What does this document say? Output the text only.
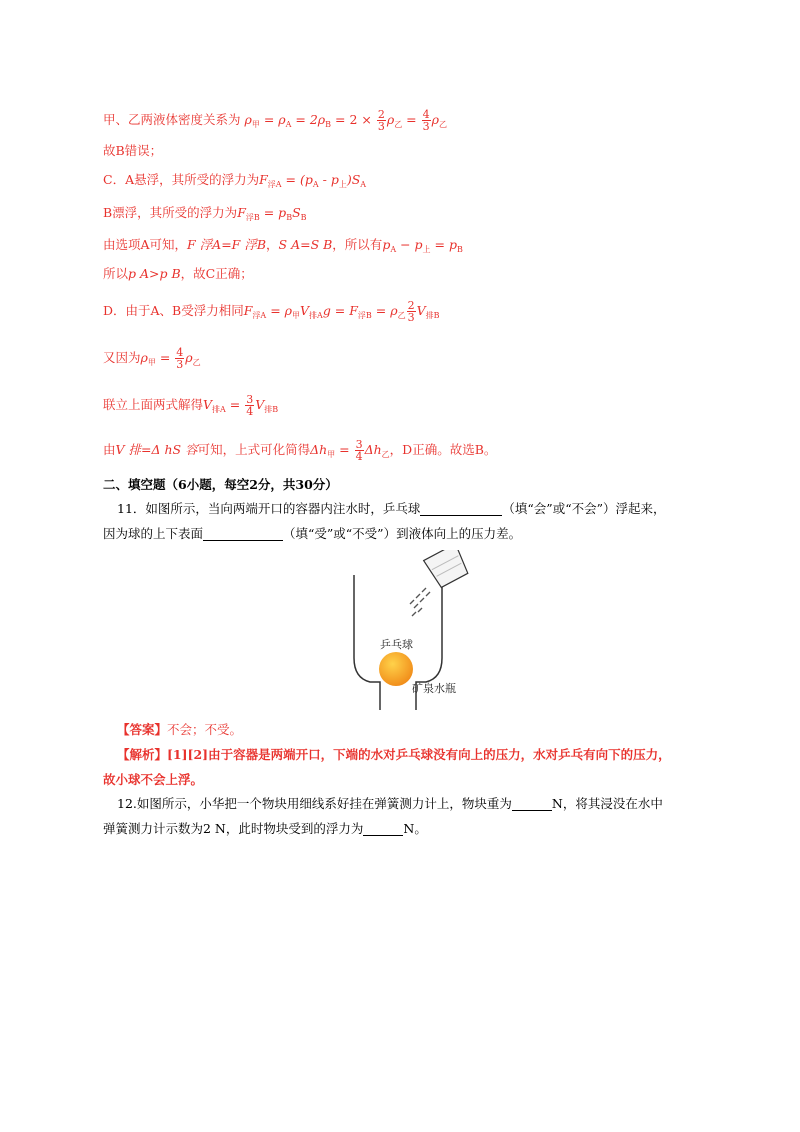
甲、乙两液体密度关系为 $\rho_甲 = \rho_A = 2\rho_B = 2 \times \frac{2}{3} \rho_乙 = \frac{4}{3} \rho_乙$
故B错误；
C．A悬浮，其所受的浮力为$F_{浮A} = (p_A - p_上)S_A$
B漂浮，其所受的浮力为$F_{浮B} = p_BS_B$
由选项A可知，F 浮A=F 浮B，S A=S B，所以有$p_A - p_上 = p_B$
所以p A>p B，故C正确；
D．由于A、B受浮力相同$F_{浮A} = \rho_甲V_{排A}g = F_{浮B} = \rho_乙 \frac{2}{3} V_{排B}$
又因为$\rho_甲 = \frac{4}{3} \rho_乙$
联立上面两式解得$V_{排A} = \frac{3}{4} V_{排B}$
由V 排=Δ hS 容可知，上式可化简得$\Delta h_甲 = \frac{3}{4} \Delta h_乙$，D正确。故选B。
二、填空题（6小题，每空2分，共30分）
11．如图所示，当向两端开口的容器内注水时，乒乓球	（填“会”或“不会”）浮起来，
因为球的上下表面	（填“受”或“不受”）到液体向上的压力差。
乒乓球
矿泉水瓶
【答案】不会；不受。
【解析】[1][2]由于容器是两端开口，下端的水对乒乓球没有向上的压力，水对乒乓有向下的压力，
故小球不会上浮。
12.如图所示，小华把一个物块用细线系好挂在弹簧测力计上，物块重为	N，将其浸没在水中
弹簧测力计示数为2 N，此时物块受到的浮力为	N。
